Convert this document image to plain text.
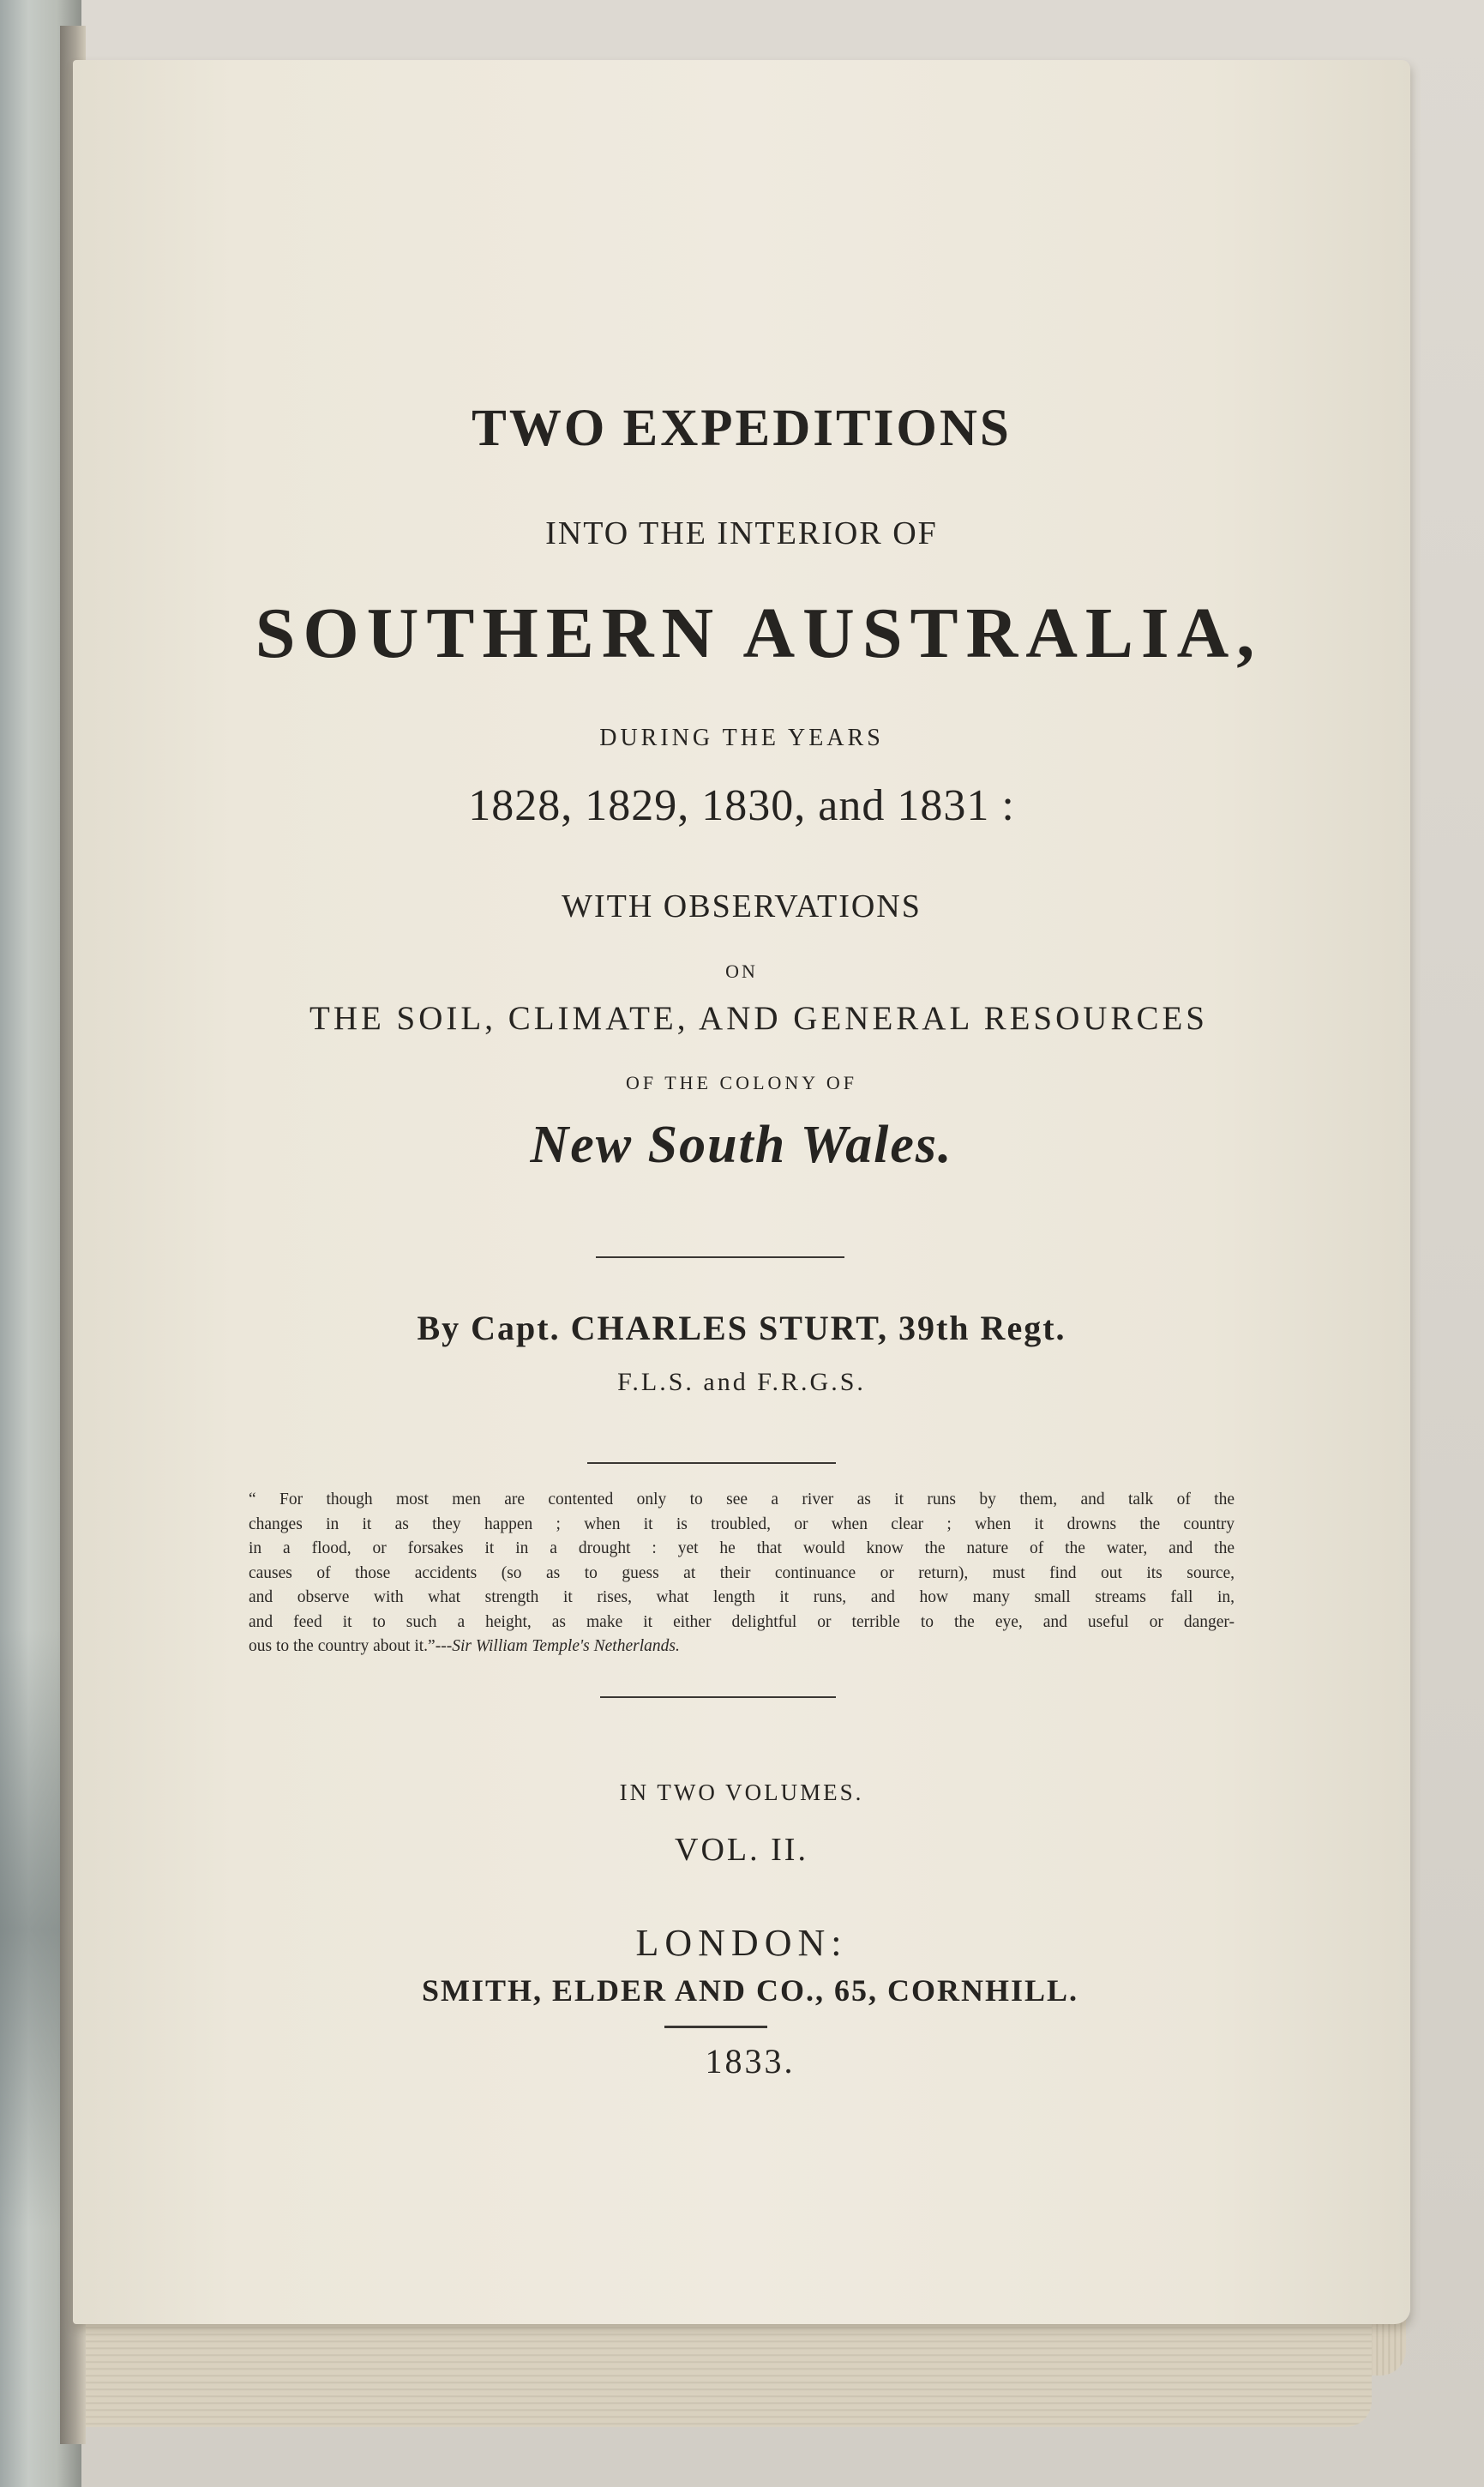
TWO EXPEDITIONS
INTO THE INTERIOR OF
SOUTHERN AUSTRALIA,
DURING THE YEARS
1828, 1829, 1830, and 1831 :
WITH OBSERVATIONS
ON
THE SOIL, CLIMATE, AND GENERAL RESOURCES
OF THE COLONY OF
New South Wales.
By Capt. CHARLES STURT, 39th Regt.
F.L.S. and F.R.G.S.
“ For though most men are contented only to see a river as it runs by them, and talk of the
changes in it as they happen ; when it is troubled, or when clear ; when it drowns the country
in a flood, or forsakes it in a drought : yet he that would know the nature of the water, and the
causes of those accidents (so as to guess at their continuance or return), must find out its source,
and observe with what strength it rises, what length it runs, and how many small streams fall in,
and feed it to such a height, as make it either delightful or terrible to the eye, and useful or danger-
ous to the country about it.”---Sir William Temple's Netherlands.
IN TWO VOLUMES.
VOL. II.
LONDON:
SMITH, ELDER AND CO., 65, CORNHILL.
1833.
